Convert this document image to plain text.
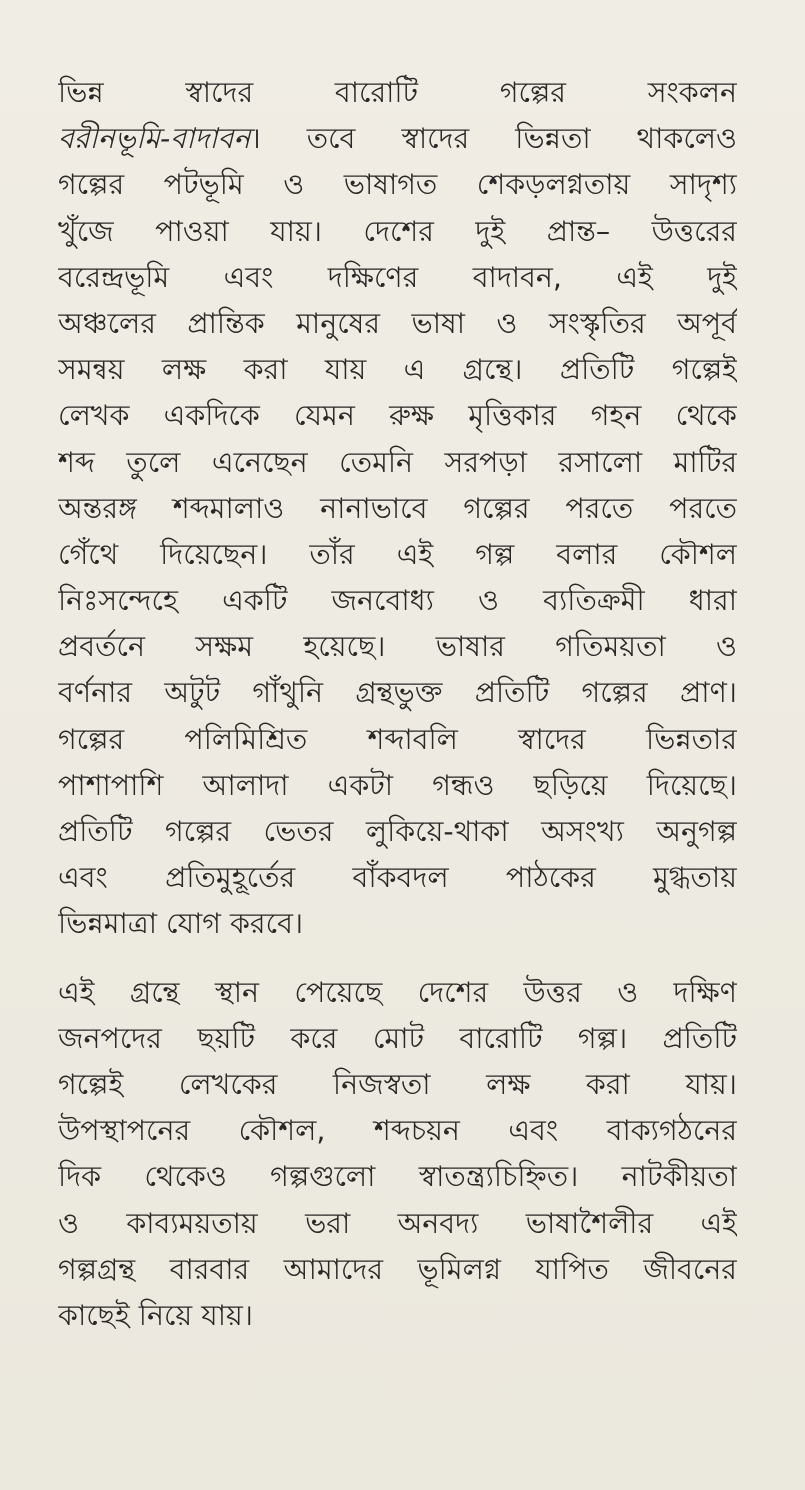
ভিন্ন স্বাদের বারোটি গল্পের সংকলন
বরীনভূমি-বাদাবন। তবে স্বাদের ভিন্নতা থাকলেও
গল্পের পটভূমি ও ভাষাগত শেকড়লগ্নতায় সাদৃশ্য
খুঁজে পাওয়া যায়। দেশের দুই প্রান্ত– উত্তরের
বরেন্দ্রভূমি এবং দক্ষিণের বাদাবন, এই দুই
অঞ্চলের প্রান্তিক মানুষের ভাষা ও সংস্কৃতির অপূর্ব
সমন্বয় লক্ষ করা যায় এ গ্রন্থে। প্রতিটি গল্পেই
লেখক একদিকে যেমন রুক্ষ মৃত্তিকার গহন থেকে
শব্দ তুলে এনেছেন তেমনি সরপড়া রসালো মাটির
অন্তরঙ্গ শব্দমালাও নানাভাবে গল্পের পরতে পরতে
গেঁথে দিয়েছেন। তাঁর এই গল্প বলার কৌশল
নিঃসন্দেহে একটি জনবোধ্য ও ব্যতিক্রমী ধারা
প্রবর্তনে সক্ষম হয়েছে। ভাষার গতিময়তা ও
বর্ণনার অটুট গাঁথুনি গ্রন্থভুক্ত প্রতিটি গল্পের প্রাণ।
গল্পের পলিমিশ্রিত শব্দাবলি স্বাদের ভিন্নতার
পাশাপাশি আলাদা একটা গন্ধও ছড়িয়ে দিয়েছে।
প্রতিটি গল্পের ভেতর লুকিয়ে-থাকা অসংখ্য অনুগল্প
এবং প্রতিমুহূর্তের বাঁকবদল পাঠকের মুগ্ধতায়
ভিন্নমাত্রা যোগ করবে।
এই গ্রন্থে স্থান পেয়েছে দেশের উত্তর ও দক্ষিণ
জনপদের ছয়টি করে মোট বারোটি গল্প। প্রতিটি
গল্পেই লেখকের নিজস্বতা লক্ষ করা যায়।
উপস্থাপনের কৌশল, শব্দচয়ন এবং বাক্যগঠনের
দিক থেকেও গল্পগুলো স্বাতন্ত্র্যচিহ্নিত। নাটকীয়তা
ও কাব্যময়তায় ভরা অনবদ্য ভাষাশৈলীর এই
গল্পগ্রন্থ বারবার আমাদের ভূমিলগ্ন যাপিত জীবনের
কাছেই নিয়ে যায়।
